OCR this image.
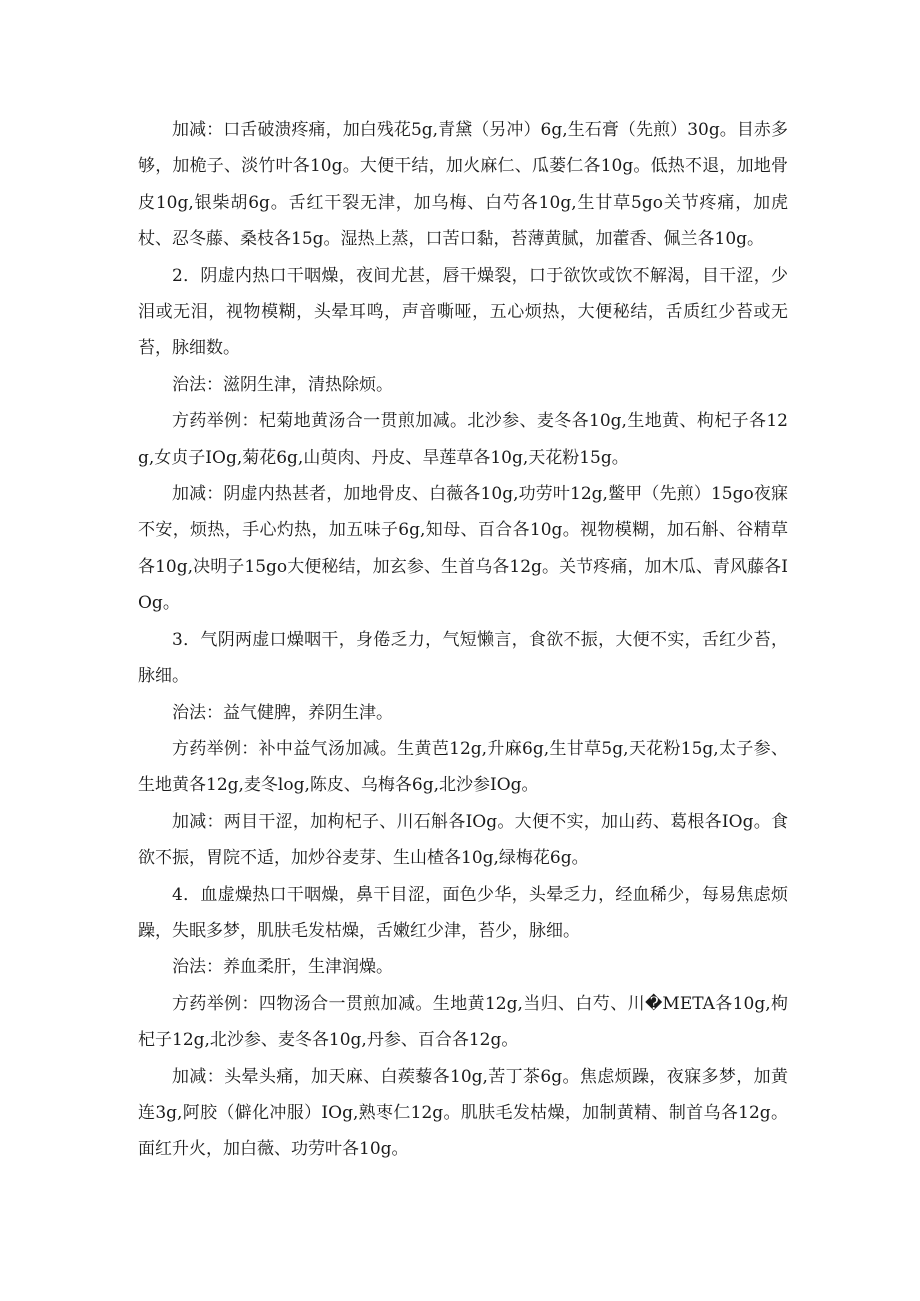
加减：口舌破溃疼痛，加白残花5g,青黛（另冲）6g,生石膏（先煎）30g。目赤多够，加桅子、淡竹叶各10g。大便干结，加火麻仁、瓜蒌仁各10g。低热不退，加地骨皮10g,银柴胡6g。舌红干裂无津，加乌梅、白芍各10g,生甘草5go关节疼痛，加虎杖、忍冬藤、桑枝各15g。湿热上蒸，口苦口黏，苔薄黄腻，加藿香、佩兰各10g。

2．阴虚内热口干咽燥，夜间尤甚，唇干燥裂，口于欲饮或饮不解渴，目干涩，少泪或无泪，视物模糊，头晕耳鸣，声音嘶哑，五心烦热，大便秘结，舌质红少苔或无苔，脉细数。

治法：滋阴生津，清热除烦。

方药举例：杞菊地黄汤合一贯煎加减。北沙参、麦冬各10g,生地黄、枸杞子各12g,女贞子IOg,菊花6g,山萸肉、丹皮、旱莲草各10g,天花粉15g。

加减：阴虚内热甚者，加地骨皮、白薇各10g,功劳叶12g,鳖甲（先煎）15go夜寐不安，烦热，手心灼热，加五味子6g,知母、百合各10g。视物模糊，加石斛、谷精草各10g,决明子15go大便秘结，加玄参、生首乌各12g。关节疼痛，加木瓜、青风藤各IOg。

3．气阴两虚口燥咽干，身倦乏力，气短懒言，食欲不振，大便不实，舌红少苔，脉细。

治法：益气健脾，养阴生津。

方药举例：补中益气汤加减。生黄芭12g,升麻6g,生甘草5g,天花粉15g,太子参、生地黄各12g,麦冬log,陈皮、乌梅各6g,北沙参IOg。

加减：两目干涩，加枸杞子、川石斛各IOg。大便不实，加山药、葛根各IOg。食欲不振，胃院不适，加炒谷麦芽、生山楂各10g,绿梅花6g。

4．血虚燥热口干咽燥，鼻干目涩，面色少华，头晕乏力，经血稀少，每易焦虑烦躁，失眠多梦，肌肤毛发枯燥，舌嫩红少津，苔少，脉细。

治法：养血柔肝，生津润燥。

方药举例：四物汤合一贯煎加减。生地黄12g,当归、白芍、川�META各10g,枸杞子12g,北沙参、麦冬各10g,丹参、百合各12g。

加减：头晕头痛，加天麻、白蒺藜各10g,苦丁茶6g。焦虑烦躁，夜寐多梦，加黄连3g,阿胶（僻化冲服）IOg,熟枣仁12g。肌肤毛发枯燥，加制黄精、制首乌各12g。面红升火，加白薇、功劳叶各10g。
